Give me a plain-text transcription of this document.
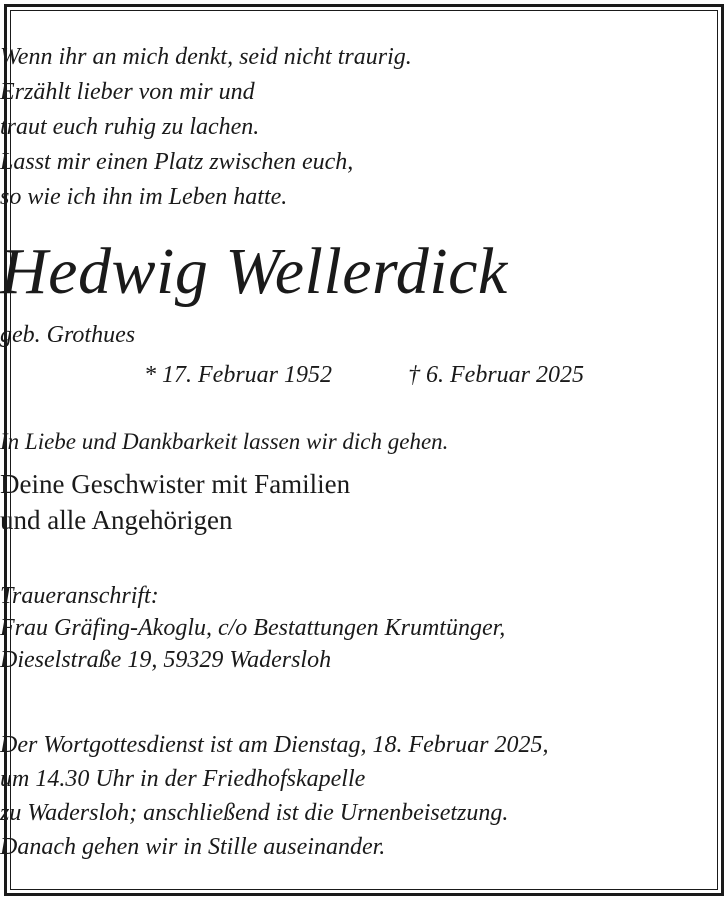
Wenn ihr an mich denkt, seid nicht traurig.
Erzählt lieber von mir und
traut euch ruhig zu lachen.
Lasst mir einen Platz zwischen euch,
so wie ich ihn im Leben hatte.
Hedwig Wellerdick
geb. Grothues
* 17. Februar 1952	† 6. Februar 2025
In Liebe und Dankbarkeit lassen wir dich gehen.
Deine Geschwister mit Familien
und alle Angehörigen
Traueranschrift:
Frau Gräfing-Akoglu, c/o Bestattungen Krumtünger,
Dieselstraße 19, 59329 Wadersloh
Der Wortgottesdienst ist am Dienstag, 18. Februar 2025,
um 14.30 Uhr in der Friedhofskapelle
zu Wadersloh; anschließend ist die Urnenbeisetzung.
Danach gehen wir in Stille auseinander.
